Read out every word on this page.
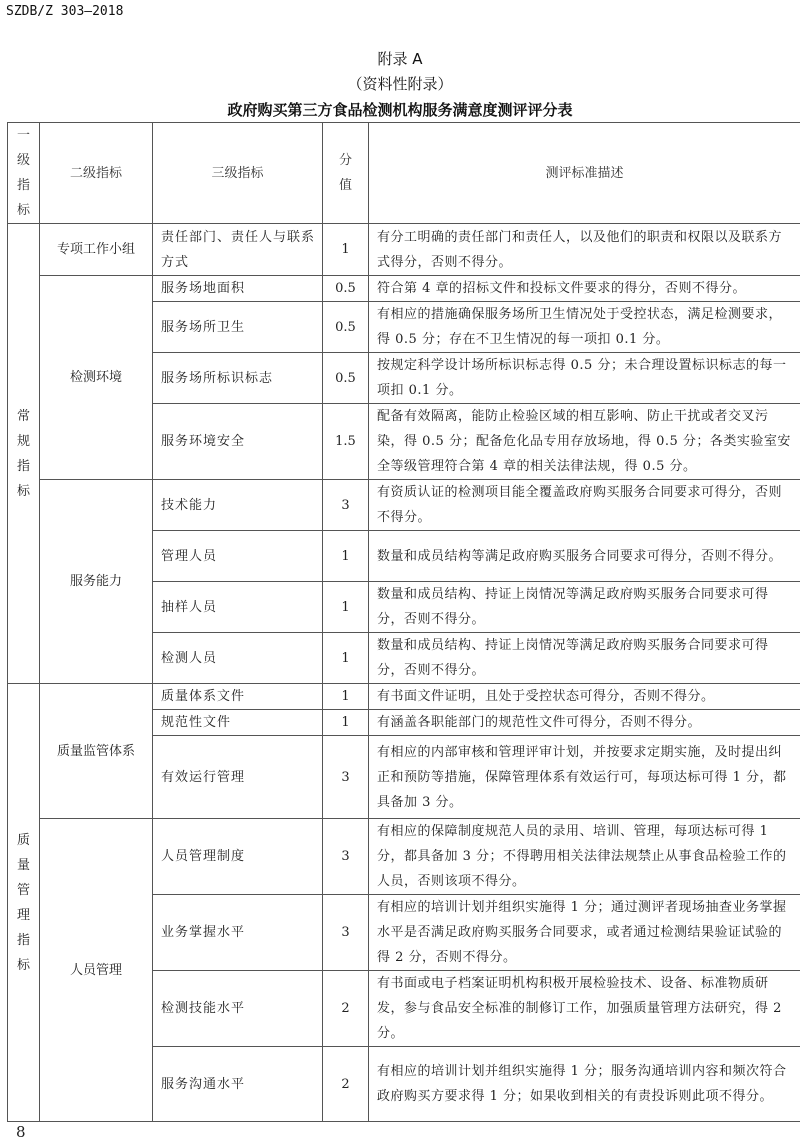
SZDB/Z 303—2018
附录 A
（资料性附录）
政府购买第三方食品检测机构服务满意度测评评分表
一级指标	二级指标	三级指标	分值	测评标准描述

常规指标	专项工作小组	责任部门、责任人与联系方式	1	有分工明确的责任部门和责任人，以及他们的职责和权限以及联系方式得分，否则不得分。
	检测环境	服务场地面积	0.5	符合第 4 章的招标文件和投标文件要求的得分，否则不得分。
		服务场所卫生	0.5	有相应的措施确保服务场所卫生情况处于受控状态，满足检测要求，得 0.5 分；存在不卫生情况的每一项扣 0.1 分。
		服务场所标识标志	0.5	按规定科学设计场所标识标志得 0.5 分；未合理设置标识标志的每一项扣 0.1 分。
		服务环境安全	1.5	配备有效隔离，能防止检验区域的相互影响、防止干扰或者交叉污染，得 0.5 分；配备危化品专用存放场地，得 0.5 分；各类实验室安全等级管理符合第 4 章的相关法律法规，得 0.5 分。
	服务能力	技术能力	3	有资质认证的检测项目能全覆盖政府购买服务合同要求可得分，否则不得分。
		管理人员	1	数量和成员结构等满足政府购买服务合同要求可得分，否则不得分。
		抽样人员	1	数量和成员结构、持证上岗情况等满足政府购买服务合同要求可得分，否则不得分。
		检测人员	1	数量和成员结构、持证上岗情况等满足政府购买服务合同要求可得分，否则不得分。

质量管理指标	质量监管体系	质量体系文件	1	有书面文件证明，且处于受控状态可得分，否则不得分。
		规范性文件	1	有涵盖各职能部门的规范性文件可得分，否则不得分。
		有效运行管理	3	有相应的内部审核和管理评审计划，并按要求定期实施，及时提出纠正和预防等措施，保障管理体系有效运行可，每项达标可得 1 分，都具备加 3 分。
	人员管理	人员管理制度	3	有相应的保障制度规范人员的录用、培训、管理，每项达标可得 1 分，都具备加 3 分；不得聘用相关法律法规禁止从事食品检验工作的人员，否则该项不得分。
		业务掌握水平	3	有相应的培训计划并组织实施得 1 分；通过测评者现场抽查业务掌握水平是否满足政府购买服务合同要求，或者通过检测结果验证试验的得 2 分，否则不得分。
		检测技能水平	2	有书面或电子档案证明机构积极开展检验技术、设备、标准物质研发，参与食品安全标准的制修订工作，加强质量管理方法研究，得 2 分。
		服务沟通水平	2	有相应的培训计划并组织实施得 1 分；服务沟通培训内容和频次符合政府购买方要求得 1 分；如果收到相关的有责投诉则此项不得分。
8
